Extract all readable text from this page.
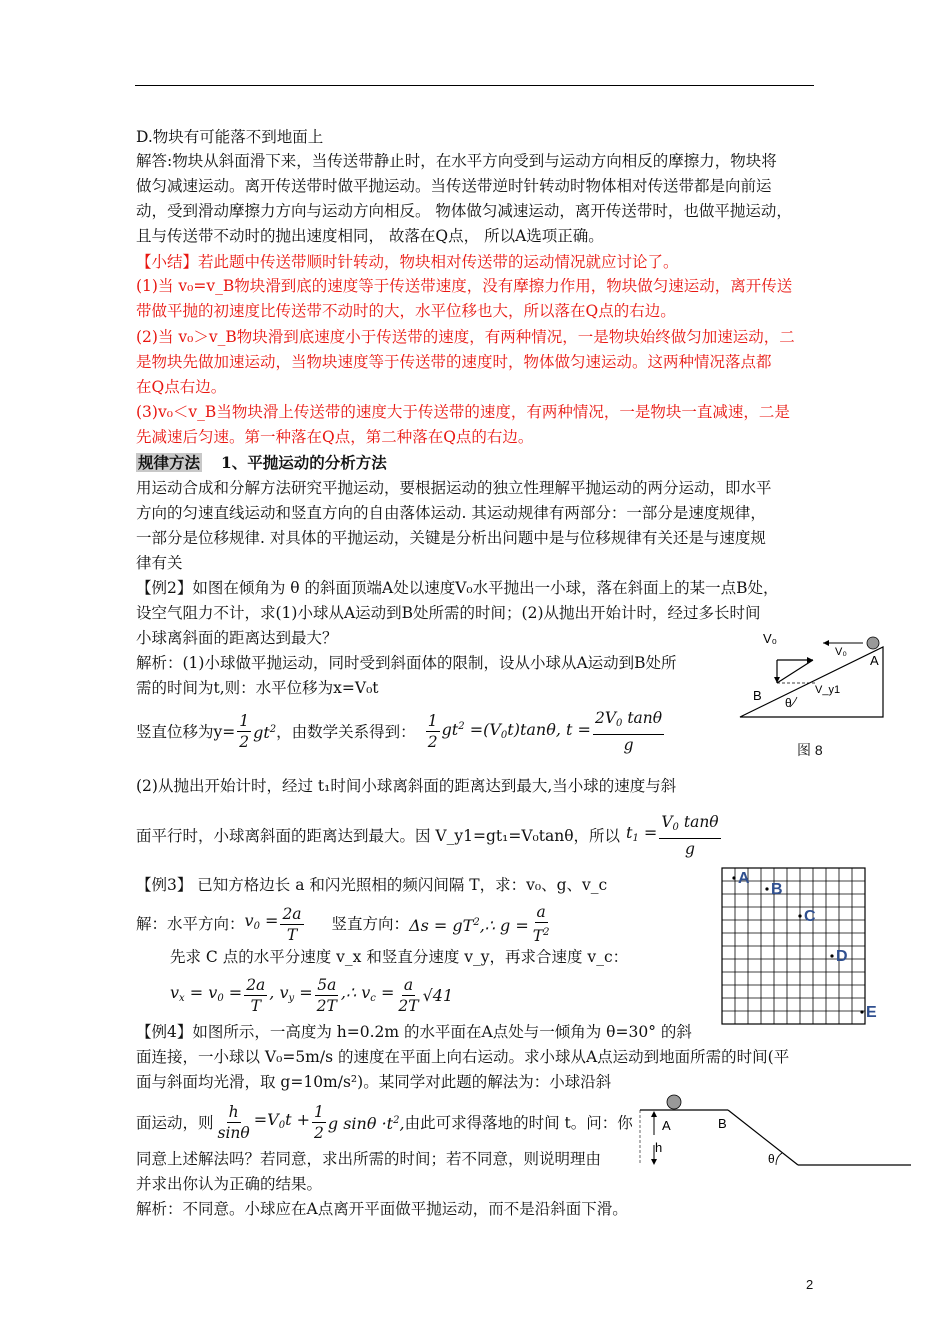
D.物块有可能落不到地面上
解答:物块从斜面滑下来，当传送带静止时，在水平方向受到与运动方向相反的摩擦力，物块将
做匀减速运动。离开传送带时做平抛运动。当传送带逆时针转动时物体相对传送带都是向前运
动，受到滑动摩擦力方向与运动方向相反。 物体做匀减速运动，离开传送带时，也做平抛运动，
且与传送带不动时的抛出速度相同， 故落在Q点， 所以A选项正确。
【小结】若此题中传送带顺时针转动，物块相对传送带的运动情况就应讨论了。
(1)当 v₀=v_B物块滑到底的速度等于传送带速度，没有摩擦力作用，物块做匀速运动，离开传送
带做平抛的初速度比传送带不动时的大，水平位移也大，所以落在Q点的右边。
(2)当 v₀＞v_B物块滑到底速度小于传送带的速度，有两种情况，一是物块始终做匀加速运动，二
是物块先做加速运动，当物块速度等于传送带的速度时，物体做匀速运动。这两种情况落点都
在Q点右边。
(3)v₀＜v_B当物块滑上传送带的速度大于传送带的速度，有两种情况，一是物块一直减速，二是
先减速后匀速。第一种落在Q点，第二种落在Q点的右边。
规律方法 1、平抛运动的分析方法
用运动合成和分解方法研究平抛运动，要根据运动的独立性理解平抛运动的两分运动，即水平
方向的匀速直线运动和竖直方向的自由落体运动. 其运动规律有两部分：一部分是速度规律，
一部分是位移规律. 对具体的平抛运动，关键是分析出问题中是与位移规律有关还是与速度规
律有关
【例2】如图在倾角为 θ 的斜面顶端A处以速度V₀水平抛出一小球，落在斜面上的某一点B处，
设空气阻力不计，求(1)小球从A运动到B处所需的时间；(2)从抛出开始计时，经过多长时间
小球离斜面的距离达到最大？
解析：(1)小球做平抛运动，同时受到斜面体的限制，设从小球从A运动到B处所
需的时间为t,则：水平位移为x=V₀t
竖直位移为$y= \frac{1}{2} gt^2$ ，由数学关系得到： $\frac{1}{2} gt^2 =(V_0t)\tan\theta$, $t = \frac{2V_0 \tan\theta}{g}$
(2)从抛出开始计时，经过 t₁时间小球离斜面的距离达到最大,当小球的速度与斜
面平行时，小球离斜面的距离达到最大。因 V_y1=gt₁=V₀tanθ，所以 $t_1 = \frac{V_0 \tan\theta}{g}$
【例3】 已知方格边长 a 和闪光照相的频闪间隔 T，求：v₀、g、v_c
解：水平方向： $v_0 = \frac{2a}{T}$ 竖直方向： $\Delta s = gT^2,\therefore$ $g = \frac{a}{T^2}$
先求 C 点的水平分速度 v_x 和竖直分速度 v_y，再求合速度 v_c：
$v_x = v_0 = \frac{2a}{T}$ , $v_y = \frac{5a}{2T}$ ,∴ $v_c = \frac{a}{2T} √41$
【例4】如图所示，一高度为 h=0.2m 的水平面在A点处与一倾角为 θ=30° 的斜
面连接，一小球以 V₀=5m/s 的速度在平面上向右运动。求小球从A点运动到地面所需的时间(平
面与斜面均光滑，取 g=10m/s²)。某同学对此题的解法为：小球沿斜
面运动，则 $\frac{h}{\sin\theta} =V_0t + \frac{1}{2}$ g $\sin\theta \cdot t^2$, 由此可求得落地的时间 t。问：你
同意上述解法吗？若同意，求出所需的时间；若不同意，则说明理由
并求出你认为正确的结果。
解析：不同意。小球应在A点离开平面做平抛运动，而不是沿斜面下滑。
V₀
V₀
A
B	V_y1
θ
图 8
A
B
C
D
E
A	B
h
θ
2
